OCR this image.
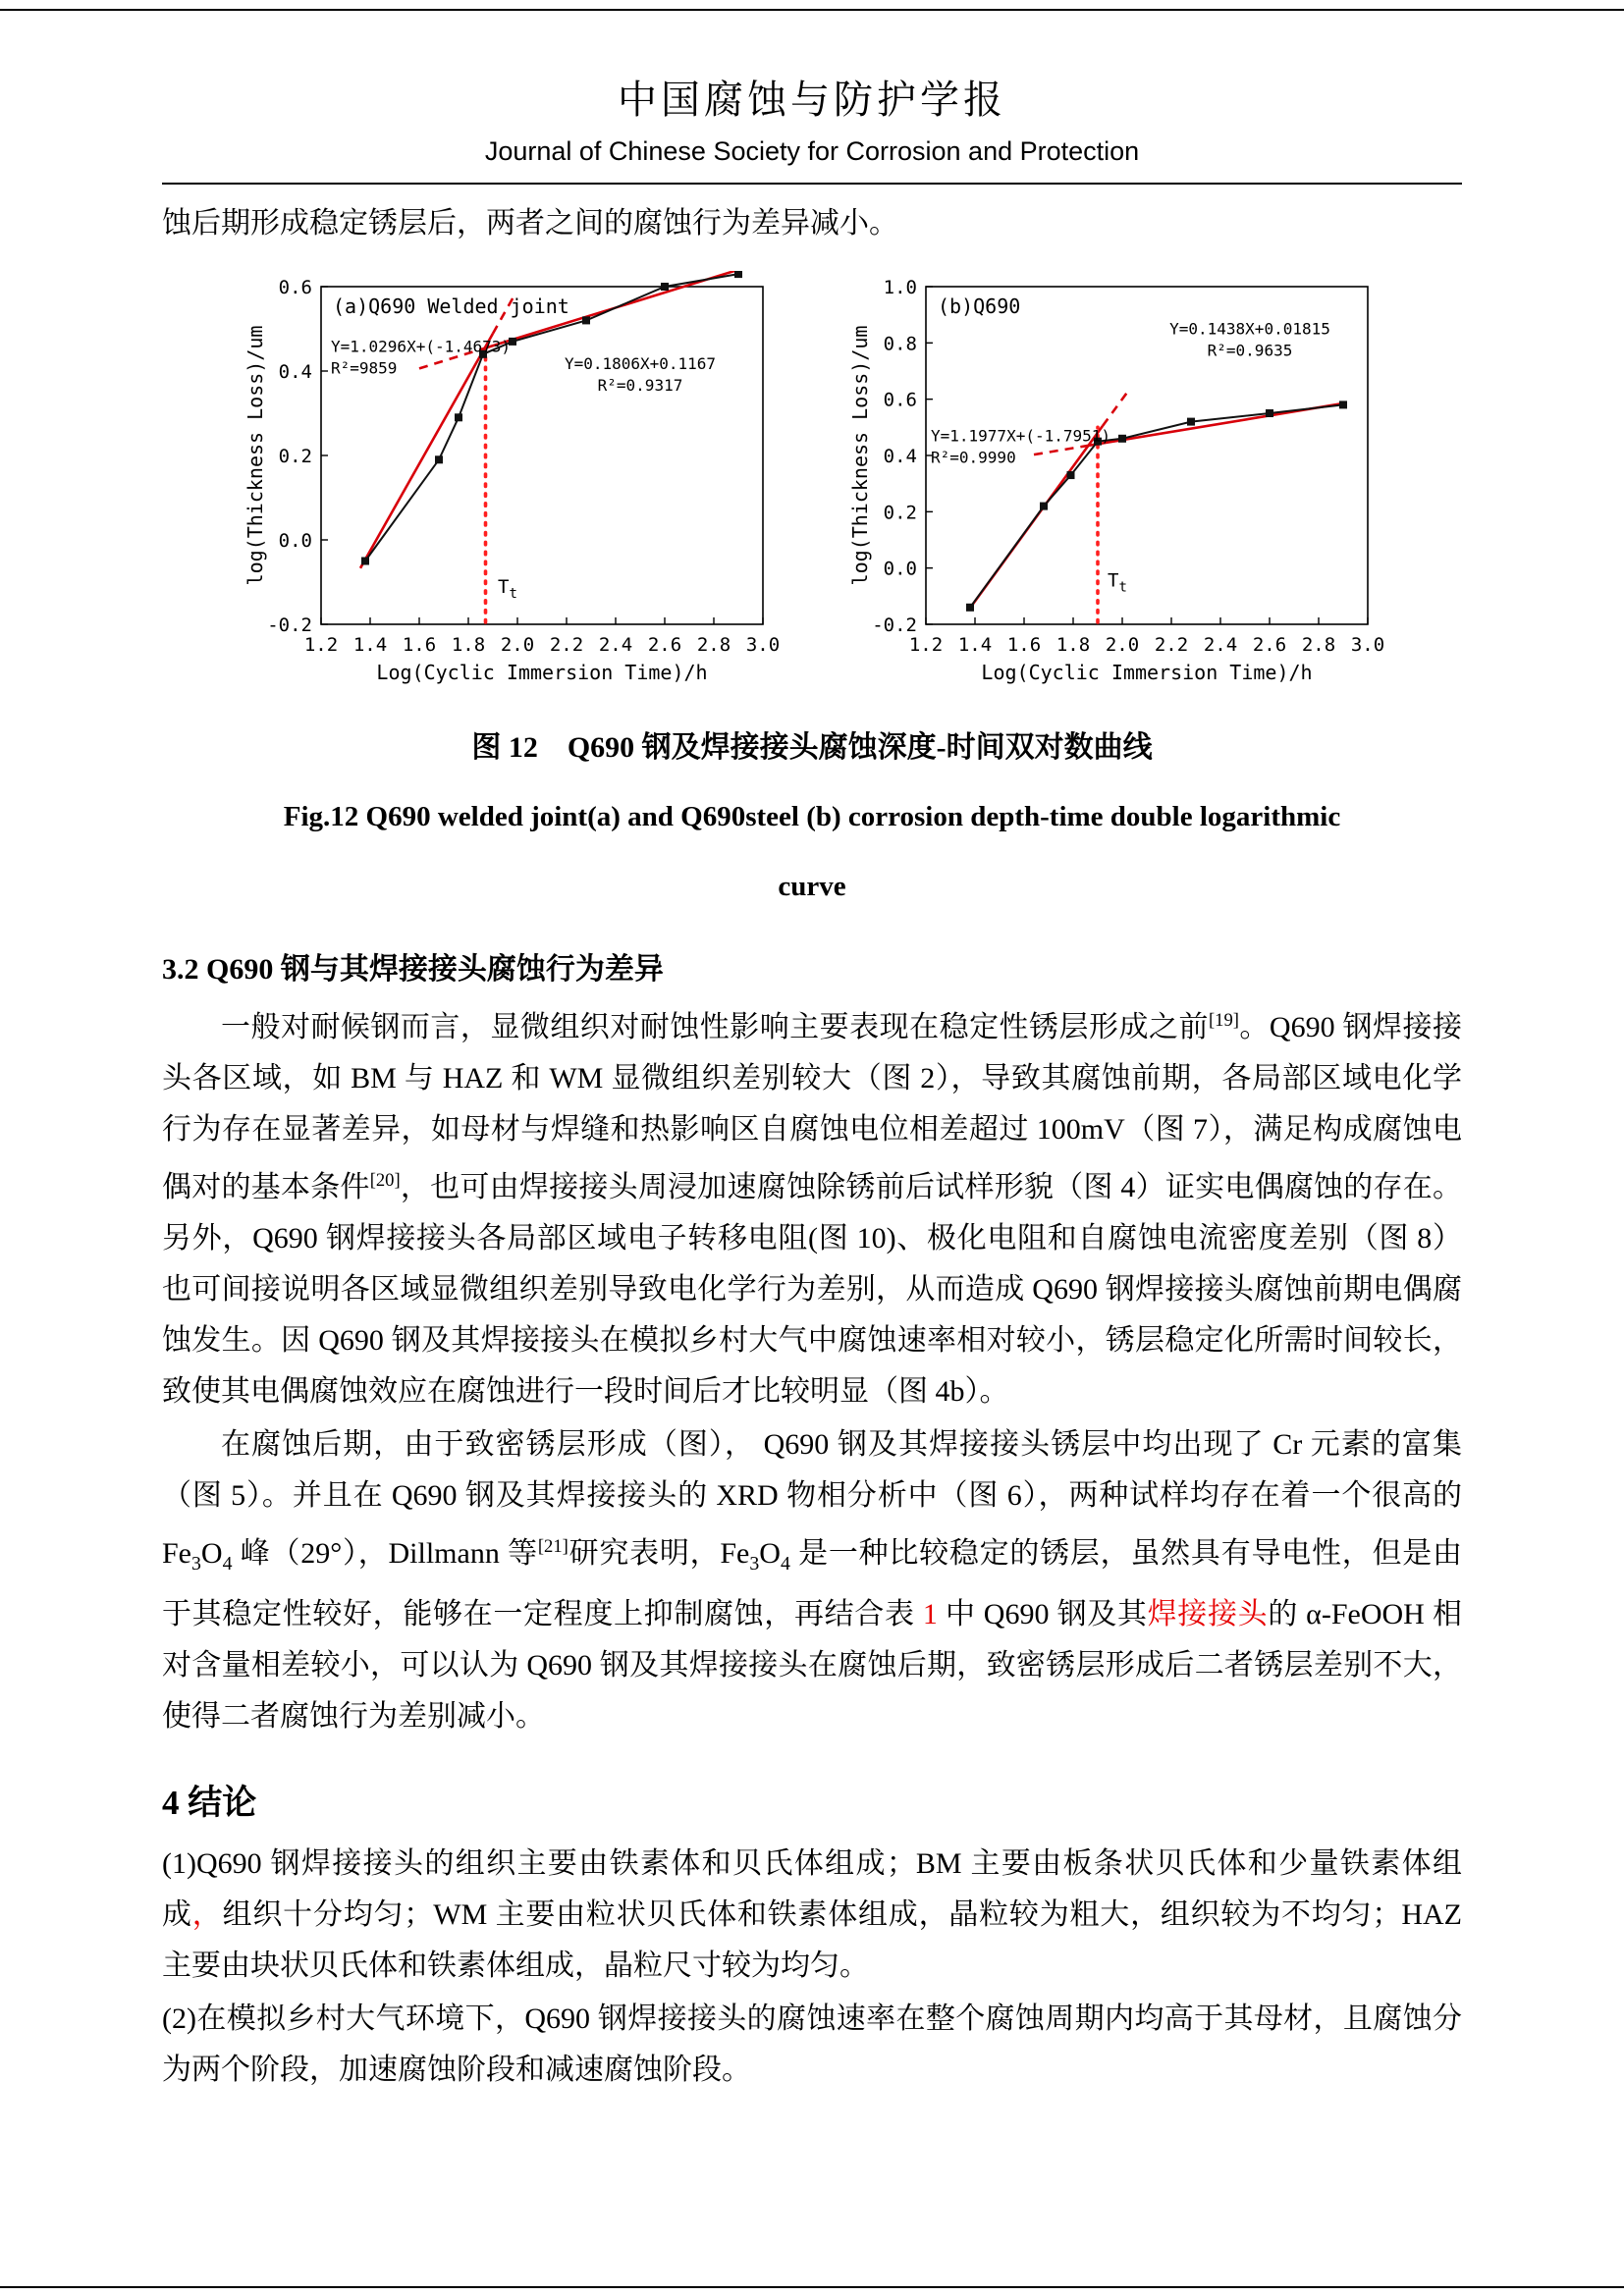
中国腐蚀与防护学报
Journal of Chinese Society for Corrosion and Protection

蚀后期形成稳定锈层后，两者之间的腐蚀行为差异减小。

1.2 1.4 1.6 1.8 2.0 2.2 2.4 2.6 2.8 3.0
-0.2
0.0
0.2
0.4
0.6
Log(Cyclic Immersion Time)/h
log(Thickness Loss)/um
$T_t$
Y=1.0296X+(-1.4673)
R²=9859	Y=0.1806X+0.1167
R²=0.9317
(a)Q690 Welded joint
1.2 1.4 1.6 1.8 2.0 2.2 2.4 2.6 2.8 3.0
-0.2
0.0
0.2
0.4
0.6
0.8
1.0
Log(Cyclic Immersion Time)/h
log(Thickness Loss)/um	$T_t$
Y=0.1438X+0.01815
R²=0.9635
Y=1.1977X+(-1.7951)
R²=0.9990
(b)Q690

图 12　Q690 钢及焊接接头腐蚀深度-时间双对数曲线

Fig.12 Q690 welded joint(a) and Q690steel (b) corrosion depth-time double logarithmic

curve

3.2 Q690 钢与其焊接接头腐蚀行为差异

一般对耐候钢而言，显微组织对耐蚀性影响主要表现在稳定性锈层形成之前[19]。Q690 钢焊接接头各区域，如 BM 与 HAZ 和 WM 显微组织差别较大（图 2），导致其腐蚀前期，各局部区域电化学行为存在显著差异，如母材与焊缝和热影响区自腐蚀电位相差超过 100mV（图 7），满足构成腐蚀电偶对的基本条件[20]，也可由焊接接头周浸加速腐蚀除锈前后试样形貌（图 4）证实电偶腐蚀的存在。另外，Q690 钢焊接接头各局部区域电子转移电阻(图 10)、极化电阻和自腐蚀电流密度差别（图 8）也可间接说明各区域显微组织差别导致电化学行为差别，从而造成 Q690 钢焊接接头腐蚀前期电偶腐蚀发生。因 Q690 钢及其焊接接头在模拟乡村大气中腐蚀速率相对较小，锈层稳定化所需时间较长，致使其电偶腐蚀效应在腐蚀进行一段时间后才比较明显（图 4b）。

在腐蚀后期，由于致密锈层形成（图）， Q690 钢及其焊接接头锈层中均出现了 Cr 元素的富集（图 5）。并且在 Q690 钢及其焊接接头的 XRD 物相分析中（图 6），两种试样均存在着一个很高的 $Fe_3O_4$ 峰（29°），Dillmann 等[21]研究表明，$Fe_3O_4$ 是一种比较稳定的锈层，虽然具有导电性，但是由于其稳定性较好，能够在一定程度上抑制腐蚀，再结合表 1 中 Q690 钢及其焊接接头的 α-FeOOH 相对含量相差较小，可以认为 Q690 钢及其焊接接头在腐蚀后期，致密锈层形成后二者锈层差别不大，使得二者腐蚀行为差别减小。

4 结论

(1)Q690 钢焊接接头的组织主要由铁素体和贝氏体组成；BM 主要由板条状贝氏体和少量铁素体组成，组织十分均匀；WM 主要由粒状贝氏体和铁素体组成，晶粒较为粗大，组织较为不均匀；HAZ 主要由块状贝氏体和铁素体组成，晶粒尺寸较为均匀。

(2)在模拟乡村大气环境下，Q690 钢焊接接头的腐蚀速率在整个腐蚀周期内均高于其母材，且腐蚀分为两个阶段，加速腐蚀阶段和减速腐蚀阶段。
